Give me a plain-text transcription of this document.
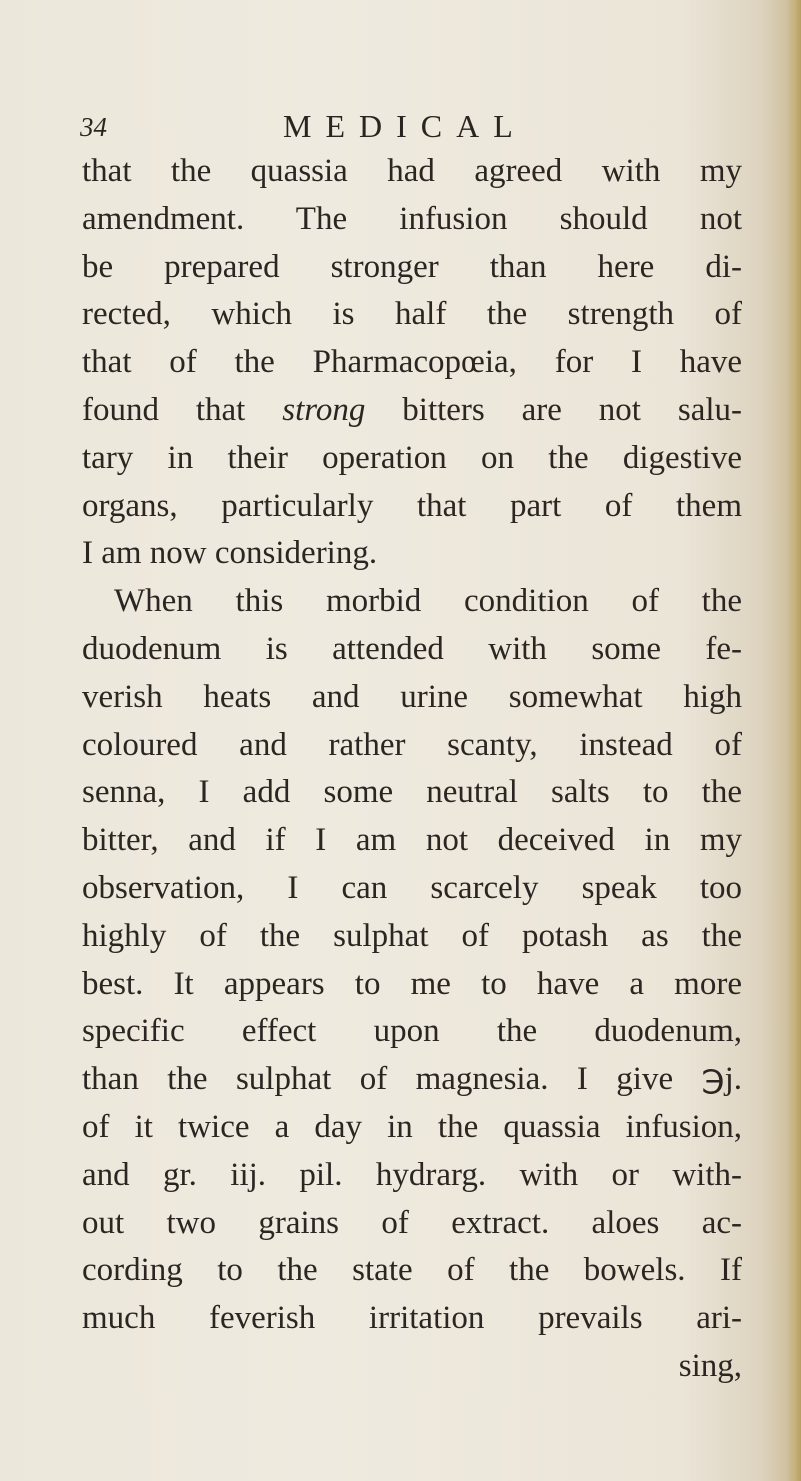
34	MEDICAL
that the quassia had agreed with my
amendment. The infusion should not
be prepared stronger than here di-
rected, which is half the strength of
that of the Pharmacopœia, for I have
found that strong bitters are not salu-
tary in their operation on the digestive
organs, particularly that part of them
I am now considering.
When this morbid condition of the
duodenum is attended with some fe-
verish heats and urine somewhat high
coloured and rather scanty, instead of
senna, I add some neutral salts to the
bitter, and if I am not deceived in my
observation, I can scarcely speak too
highly of the sulphat of potash as the
best. It appears to me to have a more
specific effect upon the duodenum,
than the sulphat of magnesia. I give ℈j.
of it twice a day in the quassia infusion,
and gr. iij. pil. hydrarg. with or with-
out two grains of extract. aloes ac-
cording to the state of the bowels. If
much feverish irritation prevails ari-
sing,
